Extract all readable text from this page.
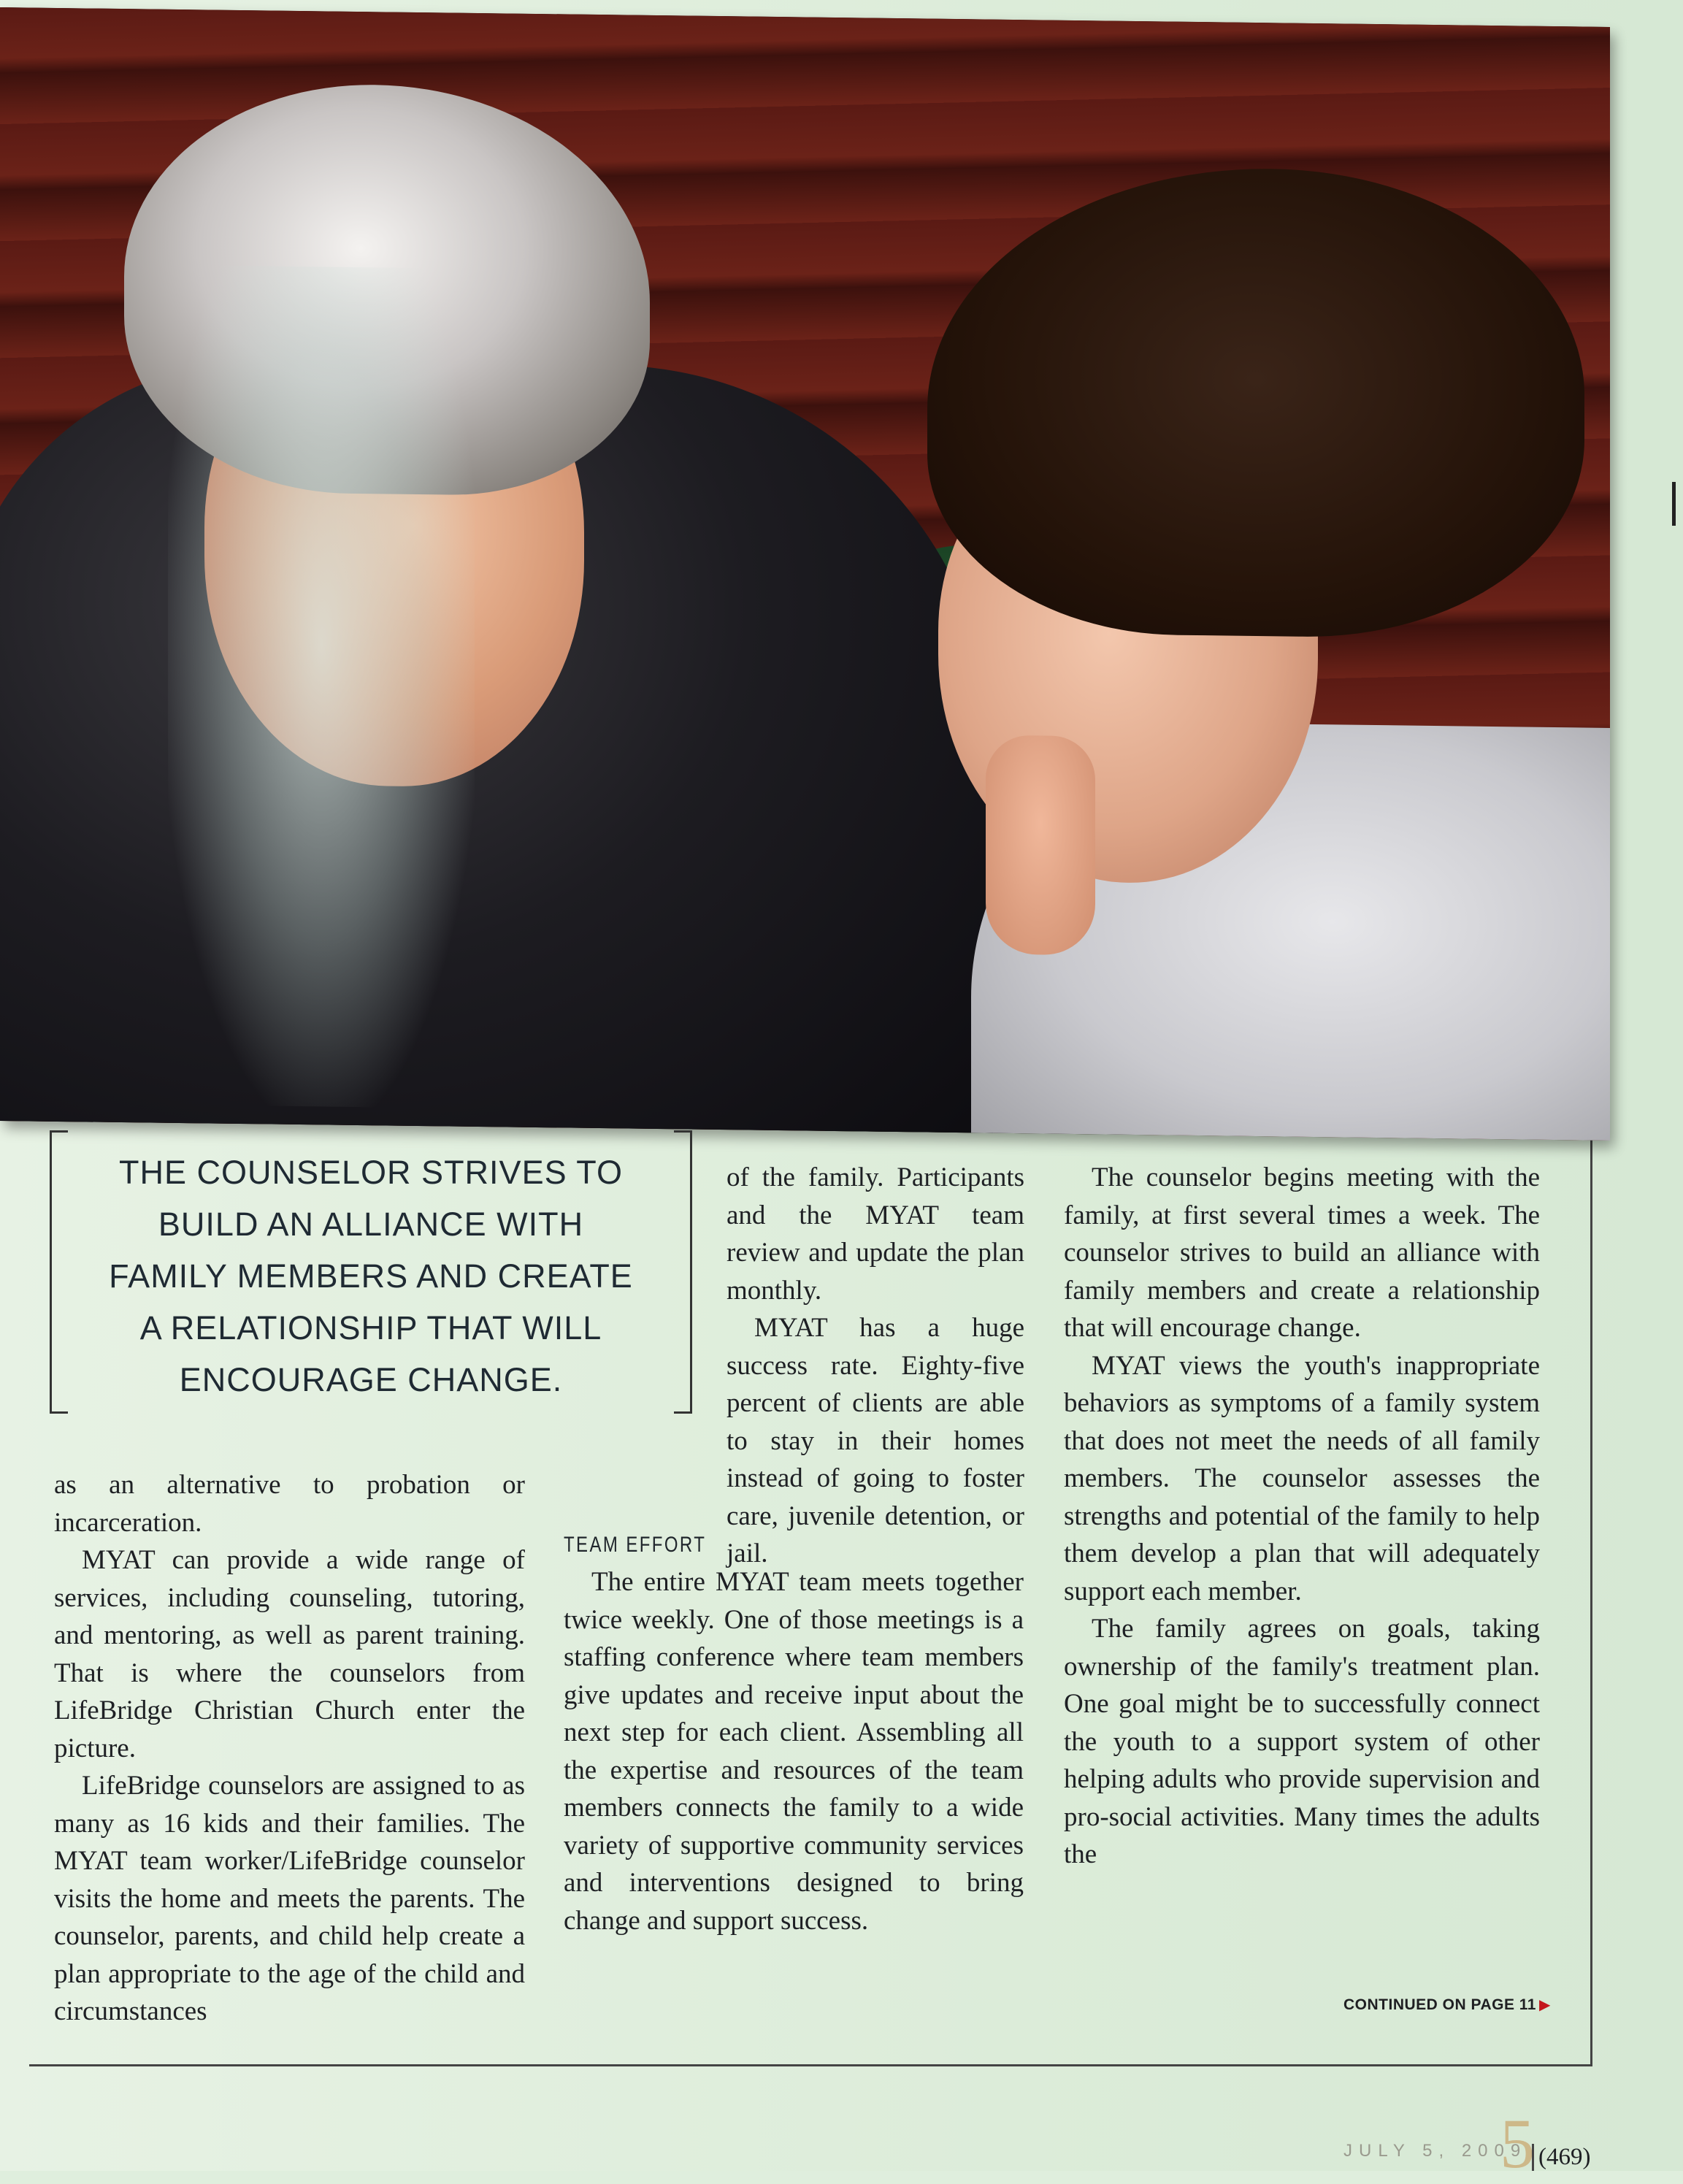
THE COUNSELOR STRIVES TO
BUILD AN ALLIANCE WITH
FAMILY MEMBERS AND CREATE
A RELATIONSHIP THAT WILL
ENCOURAGE CHANGE.

as an alternative to probation or incarceration.

MYAT can provide a wide range of services, including counseling, tutoring, and mentoring, as well as parent training. That is where the counselors from LifeBridge Christian Church enter the picture.

LifeBridge counselors are assigned to as many as 16 kids and their families. The MYAT team worker/LifeBridge counselor visits the home and meets the parents. The counselor, parents, and child help create a plan appropriate to the age of the child and circumstances

of the family. Participants and the MYAT team review and update the plan monthly.

MYAT has a huge success rate. Eighty-five percent of clients are able to stay in their homes instead of going to foster care, juvenile detention, or jail.

TEAM EFFORT

The entire MYAT team meets together twice weekly. One of those meetings is a staffing conference where team members give updates and receive input about the next step for each client. Assembling all the expertise and resources of the team members connects the family to a wide variety of supportive community services and interventions designed to bring change and support success.

The counselor begins meeting with the family, at first several times a week. The counselor strives to build an alliance with family members and create a relationship that will encourage change.

MYAT views the youth's inappropriate behaviors as symptoms of a family system that does not meet the needs of all family members. The counselor assesses the strengths and potential of the family to help them develop a plan that will adequately support each member.

The family agrees on goals, taking ownership of the family's treatment plan. One goal might be to successfully connect the youth to a support system of other helping adults who provide supervision and pro-social activities. Many times the adults the

CONTINUED ON PAGE 11 ▶
JULY 5, 2009
5 (469)
